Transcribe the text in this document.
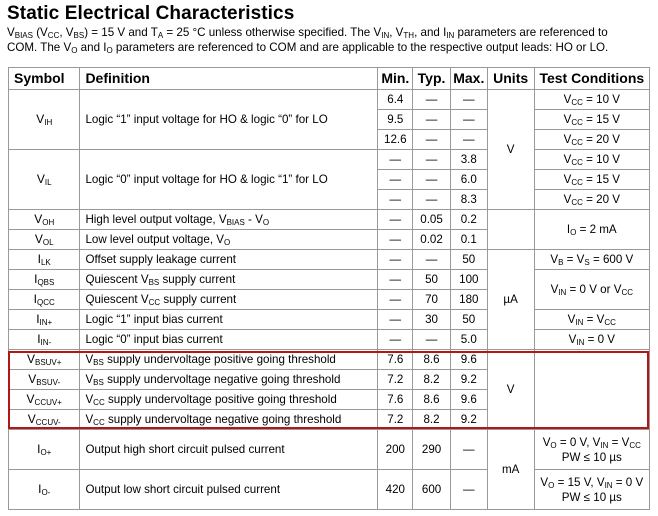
Static Electrical Characteristics
$V_{BIAS}$ ($V_{CC}$, $V_{BS}) = 15$ V and $T_A = 25$ °C unless otherwise specified. The $V_{IN}$, $V_{TH}$, and $I_{IN}$ parameters are referenced to
COM. The $V_O$ and $I_O$ parameters are referenced to COM and are applicable to the respective output leads: HO or LO.
Symbol	Definition	Min.	Typ.	Max.	Units	Test Conditions
$V_{IH}$	Logic “1” input voltage for HO & logic “0” for LO	6.4	—	—	V	$V_{CC} = 10$ V
		9.5	—	—		$V_{CC} = 15$ V
		12.6	—	—		$V_{CC} = 20$ V
$V_{IL}$	Logic “0” input voltage for HO & logic “1” for LO	—	—	3.8		$V_{CC} = 10$ V
		—	—	6.0		$V_{CC} = 15$ V
		—	—	8.3		$V_{CC} = 20$ V
$V_{OH}$	High level output voltage, $V_{BIAS} - V_O$	—	0.05	0.2		$I_O = 2$ mA
$V_{OL}$	Low level output voltage, $V_O$	—	0.02	0.1		
$I_{LK}$	Offset supply leakage current	—	—	50	µA	$V_B = V_S = 600$ V
$I_{QBS}$	Quiescent $V_{BS}$ supply current	—	50	100		$V_{IN} = 0$ V or $V_{CC}$
$I_{QCC}$	Quiescent $V_{CC}$ supply current	—	70	180		
$I_{IN+}$	Logic “1” input bias current	—	30	50		$V_{IN} = V_{CC}$
$I_{IN-}$	Logic “0” input bias current	—	—	5.0		$V_{IN} = 0$ V
$V_{BSUV+}$	$V_{BS}$ supply undervoltage positive going threshold	7.6	8.6	9.6	V	
$V_{BSUV-}$	$V_{BS}$ supply undervoltage negative going threshold	7.2	8.2	9.2		
$V_{CCUV+}$	$V_{CC}$ supply undervoltage positive going threshold	7.6	8.6	9.6		
$V_{CCUV-}$	$V_{CC}$ supply undervoltage negative going threshold	7.2	8.2	9.2		
$I_{O+}$	Output high short circuit pulsed current	200	290	—	mA	$V_O = 0$ V, $V_{IN} = V_{CC}$
PW ≤ 10 µs

$I_{O-}$	Output low short circuit pulsed current	420	600	—		$V_O = 15$ V, $V_{IN} = 0$ V
PW ≤ 10 µs
